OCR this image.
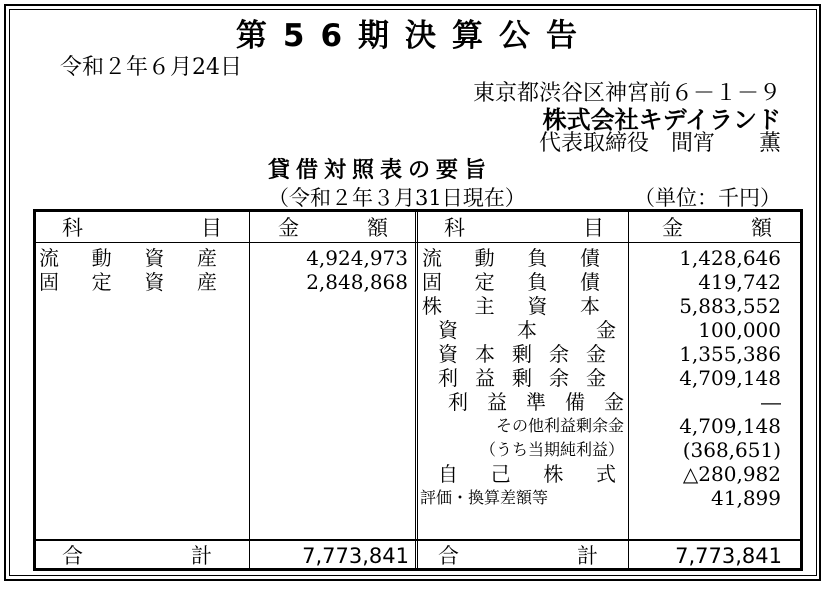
第56期決算公告
令和２年６月24日
東京都渋谷区神宮前６－１－９
株式会社キデイランド
代表取締役　間宵　　薫
貸借対照表の要旨
（令和２年３月31日現在）	（単位：千円）
科	目	金	額	科	目	金	額
流 動 資 産	4,924,973
固 定 資 産	2,848,868
流 動 負 債	1,428,646
固 定 負 債	419,742
株 主 資 本	5,883,552
資	本	金	100,000
資 本 剰 余 金	1,355,386
利 益 剰 余 金	4,709,148
利 益 準 備 金	―
その他利益剰余金	4,709,148
（うち当期純利益）	(368,651)
自 己 株 式	△280,982
評価・換算差額等	41,899
合	計	7,773,841 合	計	7,773,841
